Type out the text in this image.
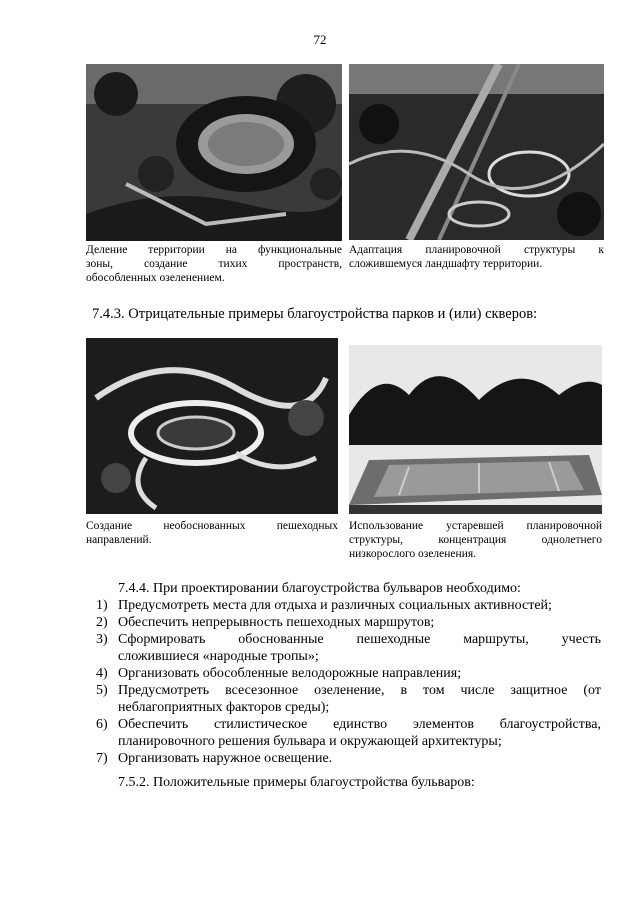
72
Деление территории на функциональные
зоны, создание тихих пространств,
обособленных озеленением.
Адаптация планировочной структуры к
сложившемуся ландшафту территории.
7.4.3. Отрицательные примеры благоустройства парков и (или) скверов:
Создание необоснованных пешеходных
направлений.
Использование устаревшей планировочной
структуры, концентрация однолетнего
низкорослого озеленения.
7.4.4. При проектировании благоустройства бульваров необходимо:
1) Предусмотреть места для отдыха и различных социальных активностей;
2) Обеспечить непрерывность пешеходных маршрутов;
3) Сформировать обоснованные пешеходные маршруты, учесть
сложившиеся «народные тропы»;
4) Организовать обособленные велодорожные направления;
5) Предусмотреть всесезонное озеленение, в том числе защитное (от
неблагоприятных факторов среды);
6) Обеспечить стилистическое единство элементов благоустройства,
планировочного решения бульвара и окружающей архитектуры;
7) Организовать наружное освещение.
7.5.2. Положительные примеры благоустройства бульваров:
